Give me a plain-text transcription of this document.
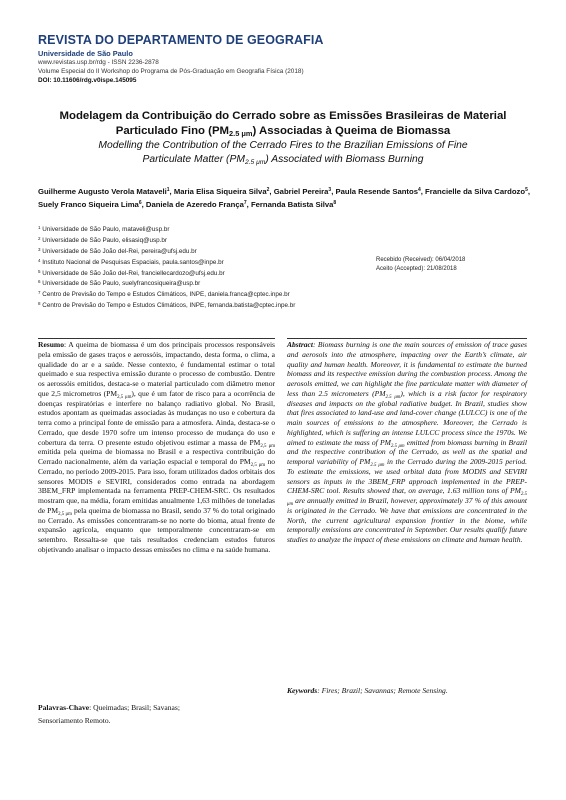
REVISTA DO DEPARTAMENTO DE GEOGRAFIA
Universidade de São Paulo
www.revistas.usp.br/rdg - ISSN 2236-2878
Volume Especial do II Workshop do Programa de Pós-Graduação em Geografia Física (2018)
DOI: 10.11606/rdg.v0ispe.145095
Modelagem da Contribuição do Cerrado sobre as Emissões Brasileiras de Material
Particulado Fino $(PM_{2.5 \mu m})$ Associadas à Queima de Biomassa
Modelling the Contribution of the Cerrado Fires to the Brazilian Emissions of Fine
Particulate Matter $(PM_{2.5 \mu m})$ Associated with Biomass Burning
Guilherme Augusto Verola Mataveli$^1$, Maria Elisa Siqueira Silva$^2$, Gabriel Pereira$^3$, Paula Resende Santos$^4$, Francielle da Silva Cardozo$^5$, Suely Franco Siqueira Lima$^6$, Daniela de Azeredo França$^7$, Fernanda Batista Silva$^8$
$^1$ Universidade de São Paulo, mataveli@usp.br
$^2$ Universidade de São Paulo, elisasiq@usp.br
$^3$ Universidade de São João del-Rei, pereira@ufsj.edu.br
$^4$ Instituto Nacional de Pesquisas Espaciais, paula.santos@inpe.br
$^5$ Universidade de São João del-Rei, franciellecardozo@ufsj.edu.br
$^6$ Universidade de São Paulo, suelyfrancosiqueira@usp.br
$^7$ Centro de Previsão do Tempo e Estudos Climáticos, INPE, daniela.franca@cptec.inpe.br
$^8$ Centro de Previsão do Tempo e Estudos Climáticos, INPE, fernanda.batista@cptec.inpe.br
Recebido (Received): 06/04/2018
Aceito (Accepted): 21/08/2018

Resumo: A queima de biomassa é um dos principais processos responsáveis pela emissão de gases traços e aerossóis, impactando, desta forma, o clima, a qualidade do ar e a saúde. Nesse contexto, é fundamental estimar o total queimado e sua respectiva emissão durante o processo de combustão. Dentre os aerossóis emitidos, destaca-se o material particulado com diâmetro menor que 2,5 micrometros $(PM_{2,5 \mu m})$, que é um fator de risco para a ocorrência de doenças respiratórias e interfere no balanço radiativo global. No Brasil, estudos apontam as queimadas associadas às mudanças no uso e cobertura da terra como a principal fonte de emissão para a atmosfera. Ainda, destaca-se o Cerrado, que desde 1970 sofre um intenso processo de mudança do uso e cobertura da terra. O presente estudo objetivou estimar a massa de $PM_{2,5 \mu m}$ emitida pela queima de biomassa no Brasil e a respectiva contribuição do Cerrado nacionalmente, além da variação espacial e temporal do $PM_{2,5 \mu m}$ no Cerrado, no período 2009-2015. Para isso, foram utilizados dados orbitais dos sensores MODIS e SEVIRI, considerados como entrada na abordagem 3BEM_FRP implementada na ferramenta PREP-CHEM-SRC. Os resultados mostram que, na média, foram emitidas anualmente 1,63 milhões de toneladas de $PM_{2,5 \mu m}$ pela queima de biomassa no Brasil, sendo 37 % do total originado no Cerrado. As emissões concentraram-se no norte do bioma, atual frente de expansão agrícola, enquanto que temporalmente concentraram-se em setembro. Ressalta-se que tais resultados credenciam estudos futuros objetivando analisar o impacto dessas emissões no clima e na saúde humana.

Palavras-Chave: Queimadas; Brasil; Savanas;
Sensoriamento Remoto.

Abstract: Biomass burning is one the main sources of emission of trace gases and aerosols into the atmosphere, impacting over the Earth’s climate, air quality and human health. Moreover, it is fundamental to estimate the burned biomass and its respective emission during the combustion process. Among the aerosols emitted, we can highlight the fine particulate matter with diameter of less than 2.5 micrometers $(PM_{2.5 \mu m})$, which is a risk factor for respiratory diseases and impacts on the global radiative budget. In Brazil, studies show that fires associated to land-use and land-cover change (LULCC) is one of the main sources of emissions to the atmosphere. Moreover, the Cerrado is highlighted, which is suffering an intense LULCC process since the 1970s. We aimed to estimate the mass of $PM_{2.5 \mu m}$ emitted from biomass burning in Brazil and the respective contribution of the Cerrado, as well as the spatial and temporal variability of $PM_{2.5 \mu m}$ in the Cerrado during the 2009-2015 period. To estimate the emissions, we used orbital data from MODIS and SEVIRI sensors as inputs in the 3BEM_FRP approach implemented in the PREP-CHEM-SRC tool. Results showed that, on average, 1.63 million tons of $PM_{2.5 \mu m}$ are annually emitted in Brazil, however, approximately 37 % of this amount is originated in the Cerrado. We have that emissions are concentrated in the North, the current agricultural expansion frontier in the biome, while temporally emissions are concentrated in September. Our results qualify future studies to analyze the impact of these emissions on climate and human health.

Keywords: Fires; Brazil; Savannas; Remote Sensing.
